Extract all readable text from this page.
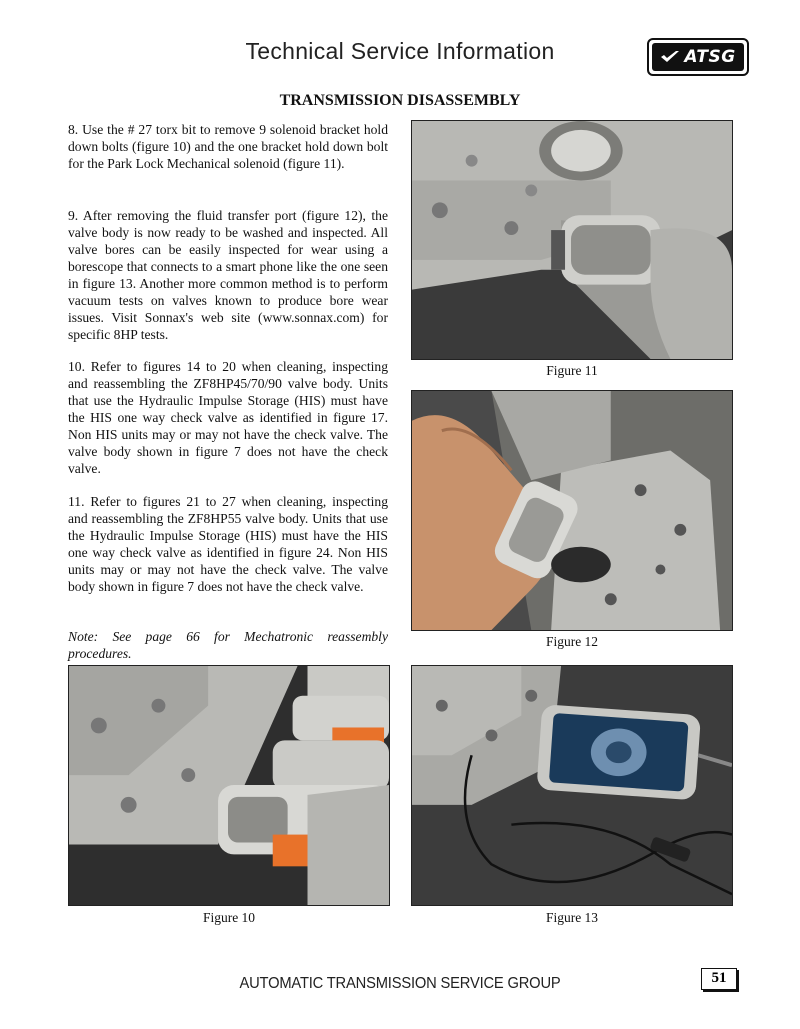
Technical Service Information	ATSG
TRANSMISSION DISASSEMBLY

8. Use the # 27 torx bit to remove 9 solenoid bracket hold down bolts (figure 10) and the one bracket hold down bolt for the Park Lock Mechanical solenoid (figure 11).

9. After removing the fluid transfer port (figure 12), the valve body is now ready to be washed and inspected. All valve bores can be easily inspected for wear using a borescope that connects to a smart phone like the one seen in figure 13. Another more common method is to perform vacuum tests on valves known to produce bore wear issues. Visit Sonnax's web site (www.sonnax.com) for specific 8HP tests.

10. Refer to figures 14 to 20 when cleaning, inspecting and reassembling the ZF8HP45/70/90 valve body. Units that use the Hydraulic Impulse Storage (HIS) must have the HIS one way check valve as identified in figure 17. Non HIS units may or may not have the check valve. The valve body shown in figure 7 does not have the check valve.

11. Refer to figures 21 to 27 when cleaning, inspecting and reassembling the ZF8HP55 valve body. Units that use the Hydraulic Impulse Storage (HIS) must have the HIS one way check valve as identified in figure 24. Non HIS units may or may not have the check valve. The valve body shown in figure 7 does not have the check valve.

Note: See page 66 for Mechatronic reassembly procedures.

Figure 11
Figure 12
Figure 10	Figure 13
AUTOMATIC TRANSMISSION SERVICE GROUP	51
